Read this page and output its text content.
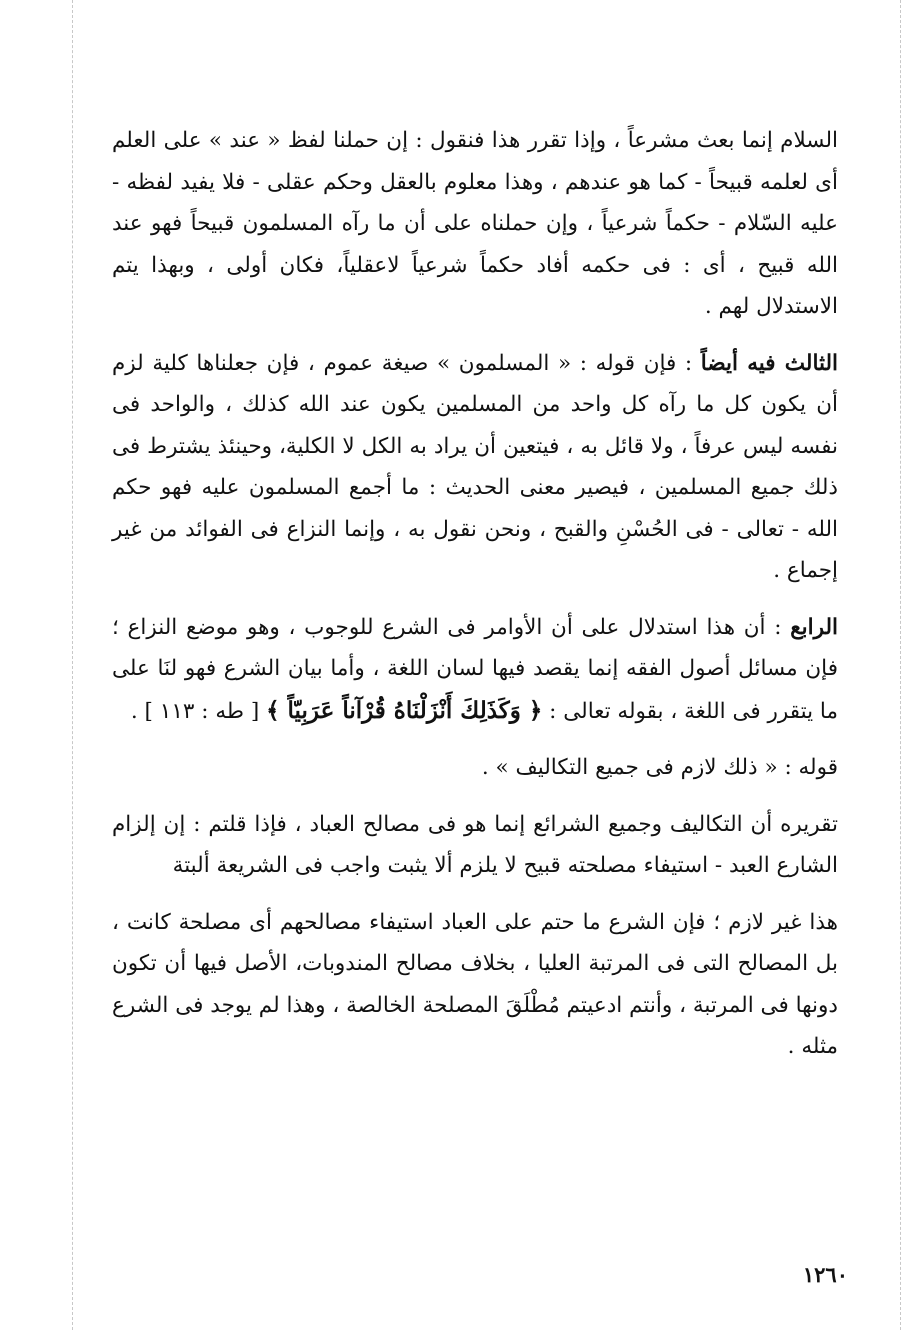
السلام إنما بعث مشرعاً ، وإذا تقرر هذا فنقول : إن حملنا لفظ « عند » على العلم أى لعلمه قبيحاً - كما هو عندهم ، وهذا معلوم بالعقل وحكم عقلى - فلا يفيد لفظه - عليه السّلام - حكماً شرعياً ، وإن حملناه على أن ما رآه المسلمون قبيحاً فهو عند الله قبيح ، أى : فى حكمه أفاد حكماً شرعياً لاعقلياً، فكان أولى ، وبهذا يتم الاستدلال لهم .

الثالث فيه أيضاً : فإن قوله : « المسلمون » صيغة عموم ، فإن جعلناها كلية لزم أن يكون كل ما رآه كل واحد من المسلمين يكون عند الله كذلك ، والواحد فى نفسه ليس عرفاً ، ولا قائل به ، فيتعين أن يراد به الكل لا الكلية، وحينئذ يشترط فى ذلك جميع المسلمين ، فيصير معنى الحديث : ما أجمع المسلمون عليه فهو حكم الله - تعالى - فى الحُسْنِ والقبح ، ونحن نقول به ، وإنما النزاع فى الفوائد من غير إجماع .

الرابع : أن هذا استدلال على أن الأوامر فى الشرع للوجوب ، وهو موضع النزاع ؛ فإن مسائل أصول الفقه إنما يقصد فيها لسان اللغة ، وأما بيان الشرع فهو لنَا على ما يتقرر فى اللغة ، بقوله تعالى : ﴿ وَكَذَلِكَ أَنْزَلْنَاهُ قُرْآناً عَرَبِيّاً ﴾ [ طه : ١١٣ ] .

قوله : « ذلك لازم فى جميع التكاليف » .

تقريره أن التكاليف وجميع الشرائع إنما هو فى مصالح العباد ، فإذا قلتم : إن إلزام الشارع العبد - استيفاء مصلحته قبيح لا يلزم ألا يثبت واجب فى الشريعة ألبتة

هذا غير لازم ؛ فإن الشرع ما حتم على العباد استيفاء مصالحهم أى مصلحة كانت ، بل المصالح التى فى المرتبة العليا ، بخلاف مصالح المندوبات، الأصل فيها أن تكون دونها فى المرتبة ، وأنتم ادعيتم مُطْلَقَ المصلحة الخالصة ، وهذا لم يوجد فى الشرع مثله .

١٢٦٠
